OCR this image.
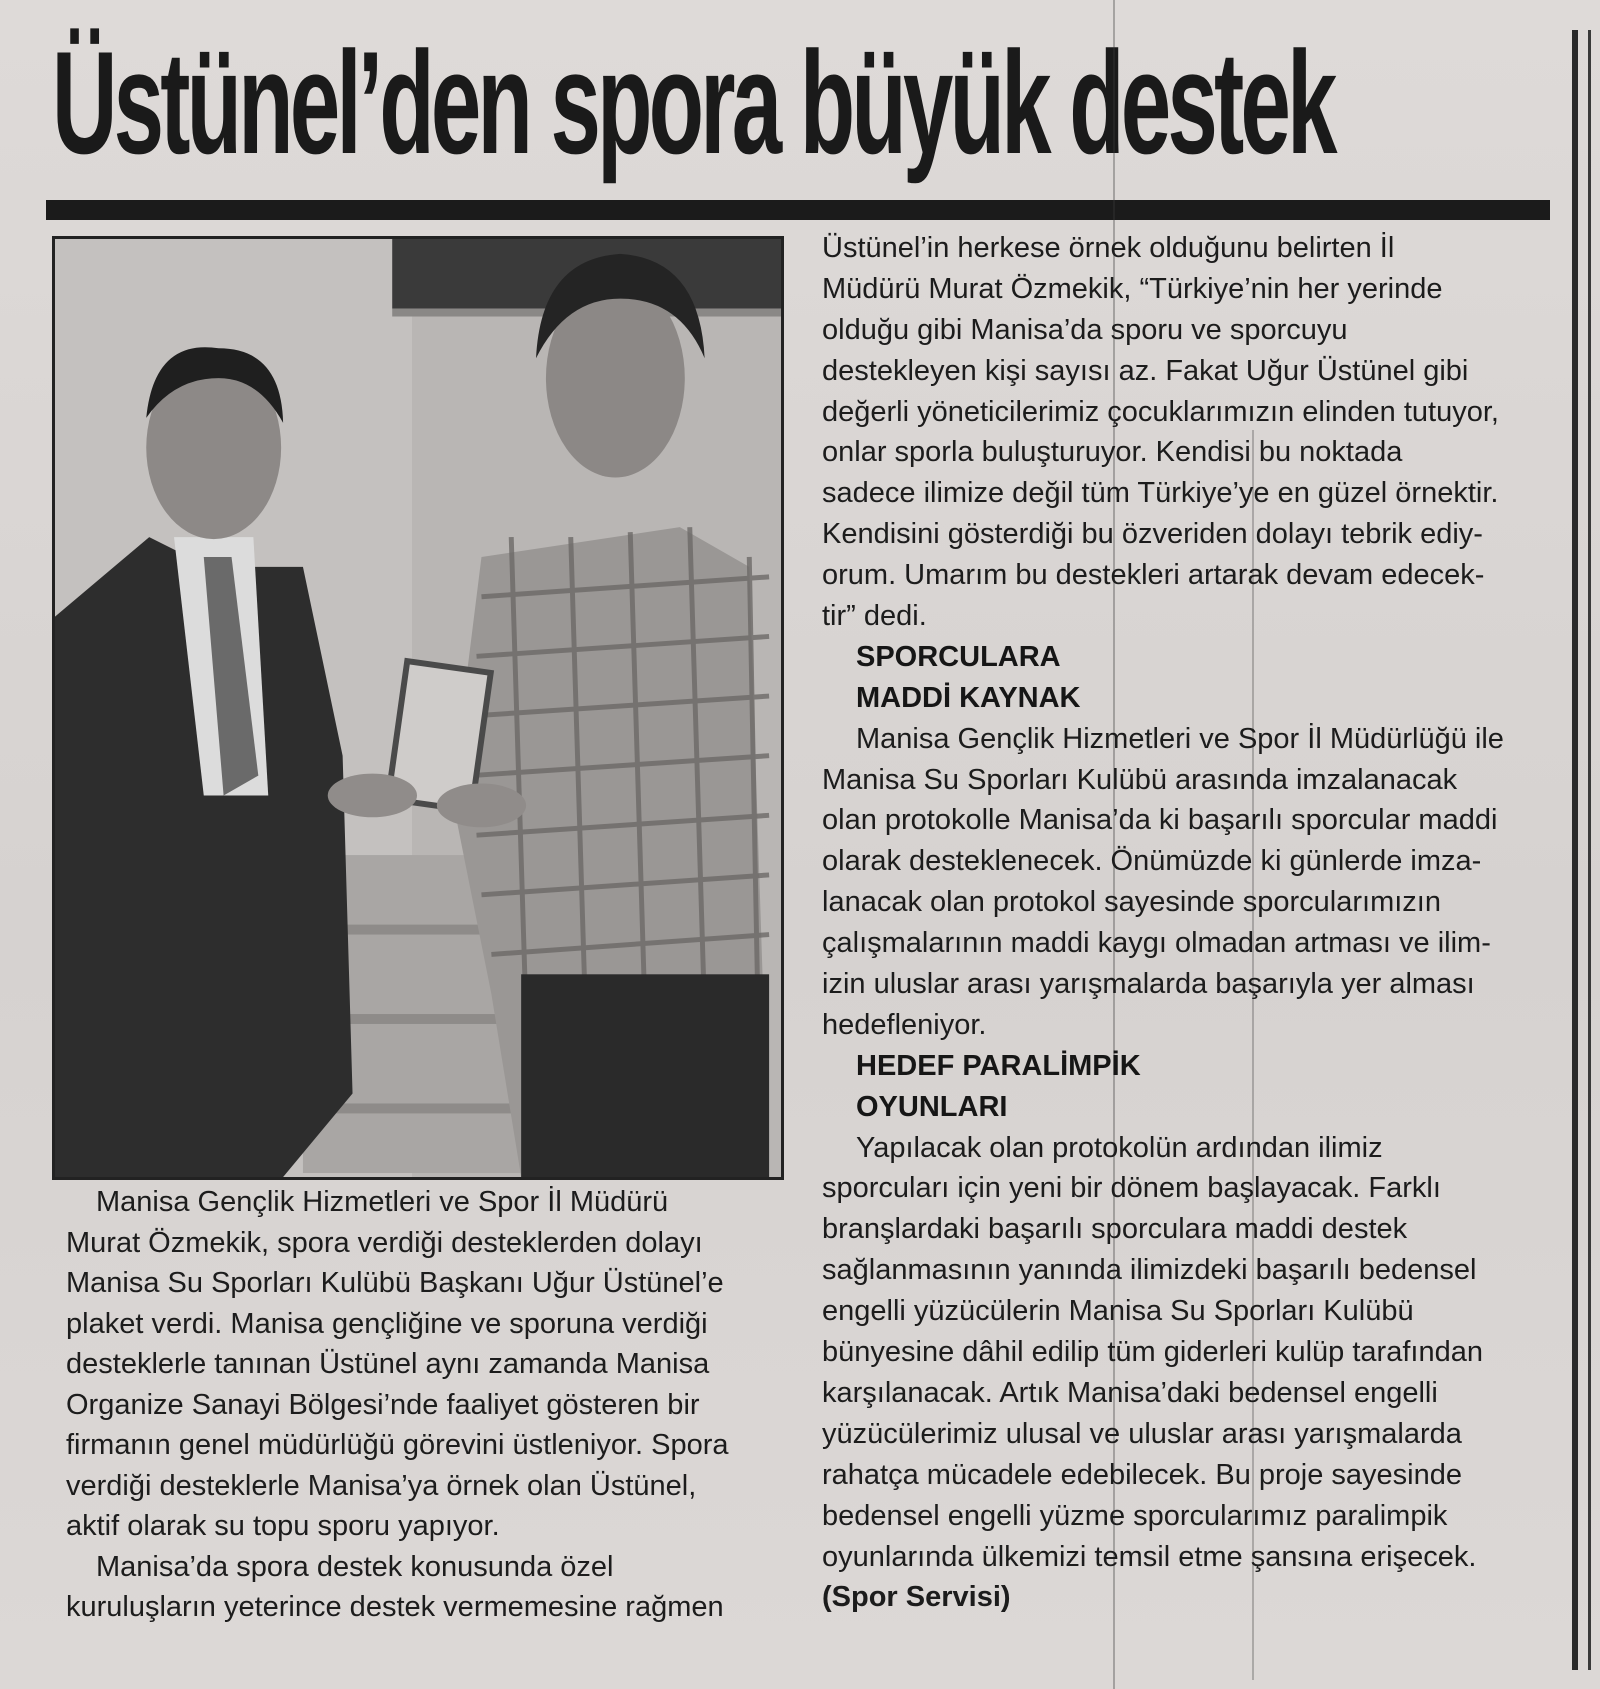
Üstünel’den spora büyük destek
Manisa Gençlik Hizmetleri ve Spor İl Müdürü
Murat Özmekik, spora verdiği desteklerden dolayı
Manisa Su Sporları Kulübü Başkanı Uğur Üstünel’e
plaket verdi. Manisa gençliğine ve sporuna verdiği
desteklerle tanınan Üstünel aynı zamanda Manisa
Organize Sanayi Bölgesi’nde faaliyet gösteren bir
firmanın genel müdürlüğü görevini üstleniyor. Spora
verdiği desteklerle Manisa’ya örnek olan Üstünel,
aktif olarak su topu sporu yapıyor.
Manisa’da spora destek konusunda özel
kuruluşların yeterince destek vermemesine rağmen
Üstünel’in herkese örnek olduğunu belirten İl
Müdürü Murat Özmekik, “Türkiye’nin her yerinde
olduğu gibi Manisa’da sporu ve sporcuyu
destekleyen kişi sayısı az. Fakat Uğur Üstünel gibi
değerli yöneticilerimiz çocuklarımızın elinden tutuyor,
onlar sporla buluşturuyor. Kendisi bu noktada
sadece ilimize değil tüm Türkiye’ye en güzel örnektir.
Kendisini gösterdiği bu özveriden dolayı tebrik ediy-
orum. Umarım bu destekleri artarak devam edecek-
tir” dedi.
SPORCULARA
MADDİ KAYNAK
Manisa Gençlik Hizmetleri ve Spor İl Müdürlüğü ile
Manisa Su Sporları Kulübü arasında imzalanacak
olan protokolle Manisa’da ki başarılı sporcular maddi
olarak desteklenecek. Önümüzde ki günlerde imza-
lanacak olan protokol sayesinde sporcularımızın
çalışmalarının maddi kaygı olmadan artması ve ilim-
izin uluslar arası yarışmalarda başarıyla yer alması
hedefleniyor.
HEDEF PARALİMPİK
OYUNLARI
Yapılacak olan protokolün ardından ilimiz
sporcuları için yeni bir dönem başlayacak. Farklı
branşlardaki başarılı sporculara maddi destek
sağlanmasının yanında ilimizdeki başarılı bedensel
engelli yüzücülerin Manisa Su Sporları Kulübü
bünyesine dâhil edilip tüm giderleri kulüp tarafından
karşılanacak. Artık Manisa’daki bedensel engelli
yüzücülerimiz ulusal ve uluslar arası yarışmalarda
rahatça mücadele edebilecek. Bu proje sayesinde
bedensel engelli yüzme sporcularımız paralimpik
oyunlarında ülkemizi temsil etme şansına erişecek.
(Spor Servisi)
